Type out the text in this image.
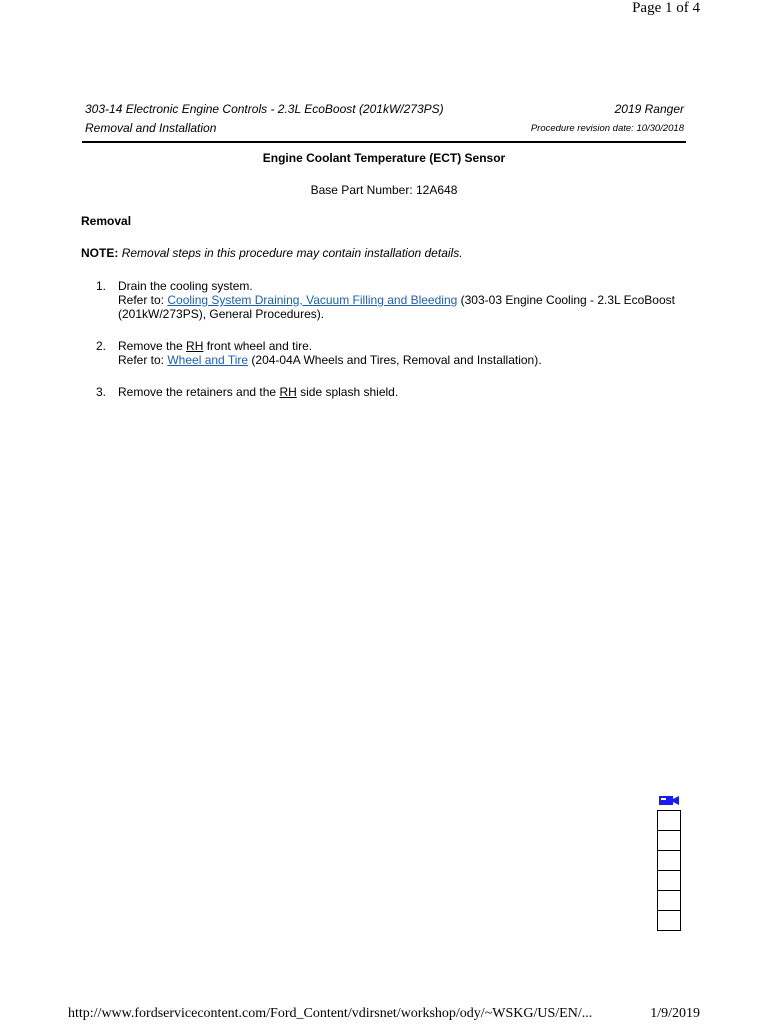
Page 1 of 4
303-14 Electronic Engine Controls - 2.3L EcoBoost (201kW/273PS)
Removal and Installation
2019 Ranger
Procedure revision date: 10/30/2018
Engine Coolant Temperature (ECT) Sensor
Base Part Number: 12A648
Removal
NOTE: Removal steps in this procedure may contain installation details.
1. Drain the cooling system.
Refer to: Cooling System Draining, Vacuum Filling and Bleeding (303-03 Engine Cooling - 2.3L EcoBoost (201kW/273PS), General Procedures).
2. Remove the RH front wheel and tire.
Refer to: Wheel and Tire (204-04A Wheels and Tires, Removal and Installation).
3. Remove the retainers and the RH side splash shield.
http://www.fordservicecontent.com/Ford_Content/vdirsnet/workshop/ody/~WSKG/US/EN/...	1/9/2019
